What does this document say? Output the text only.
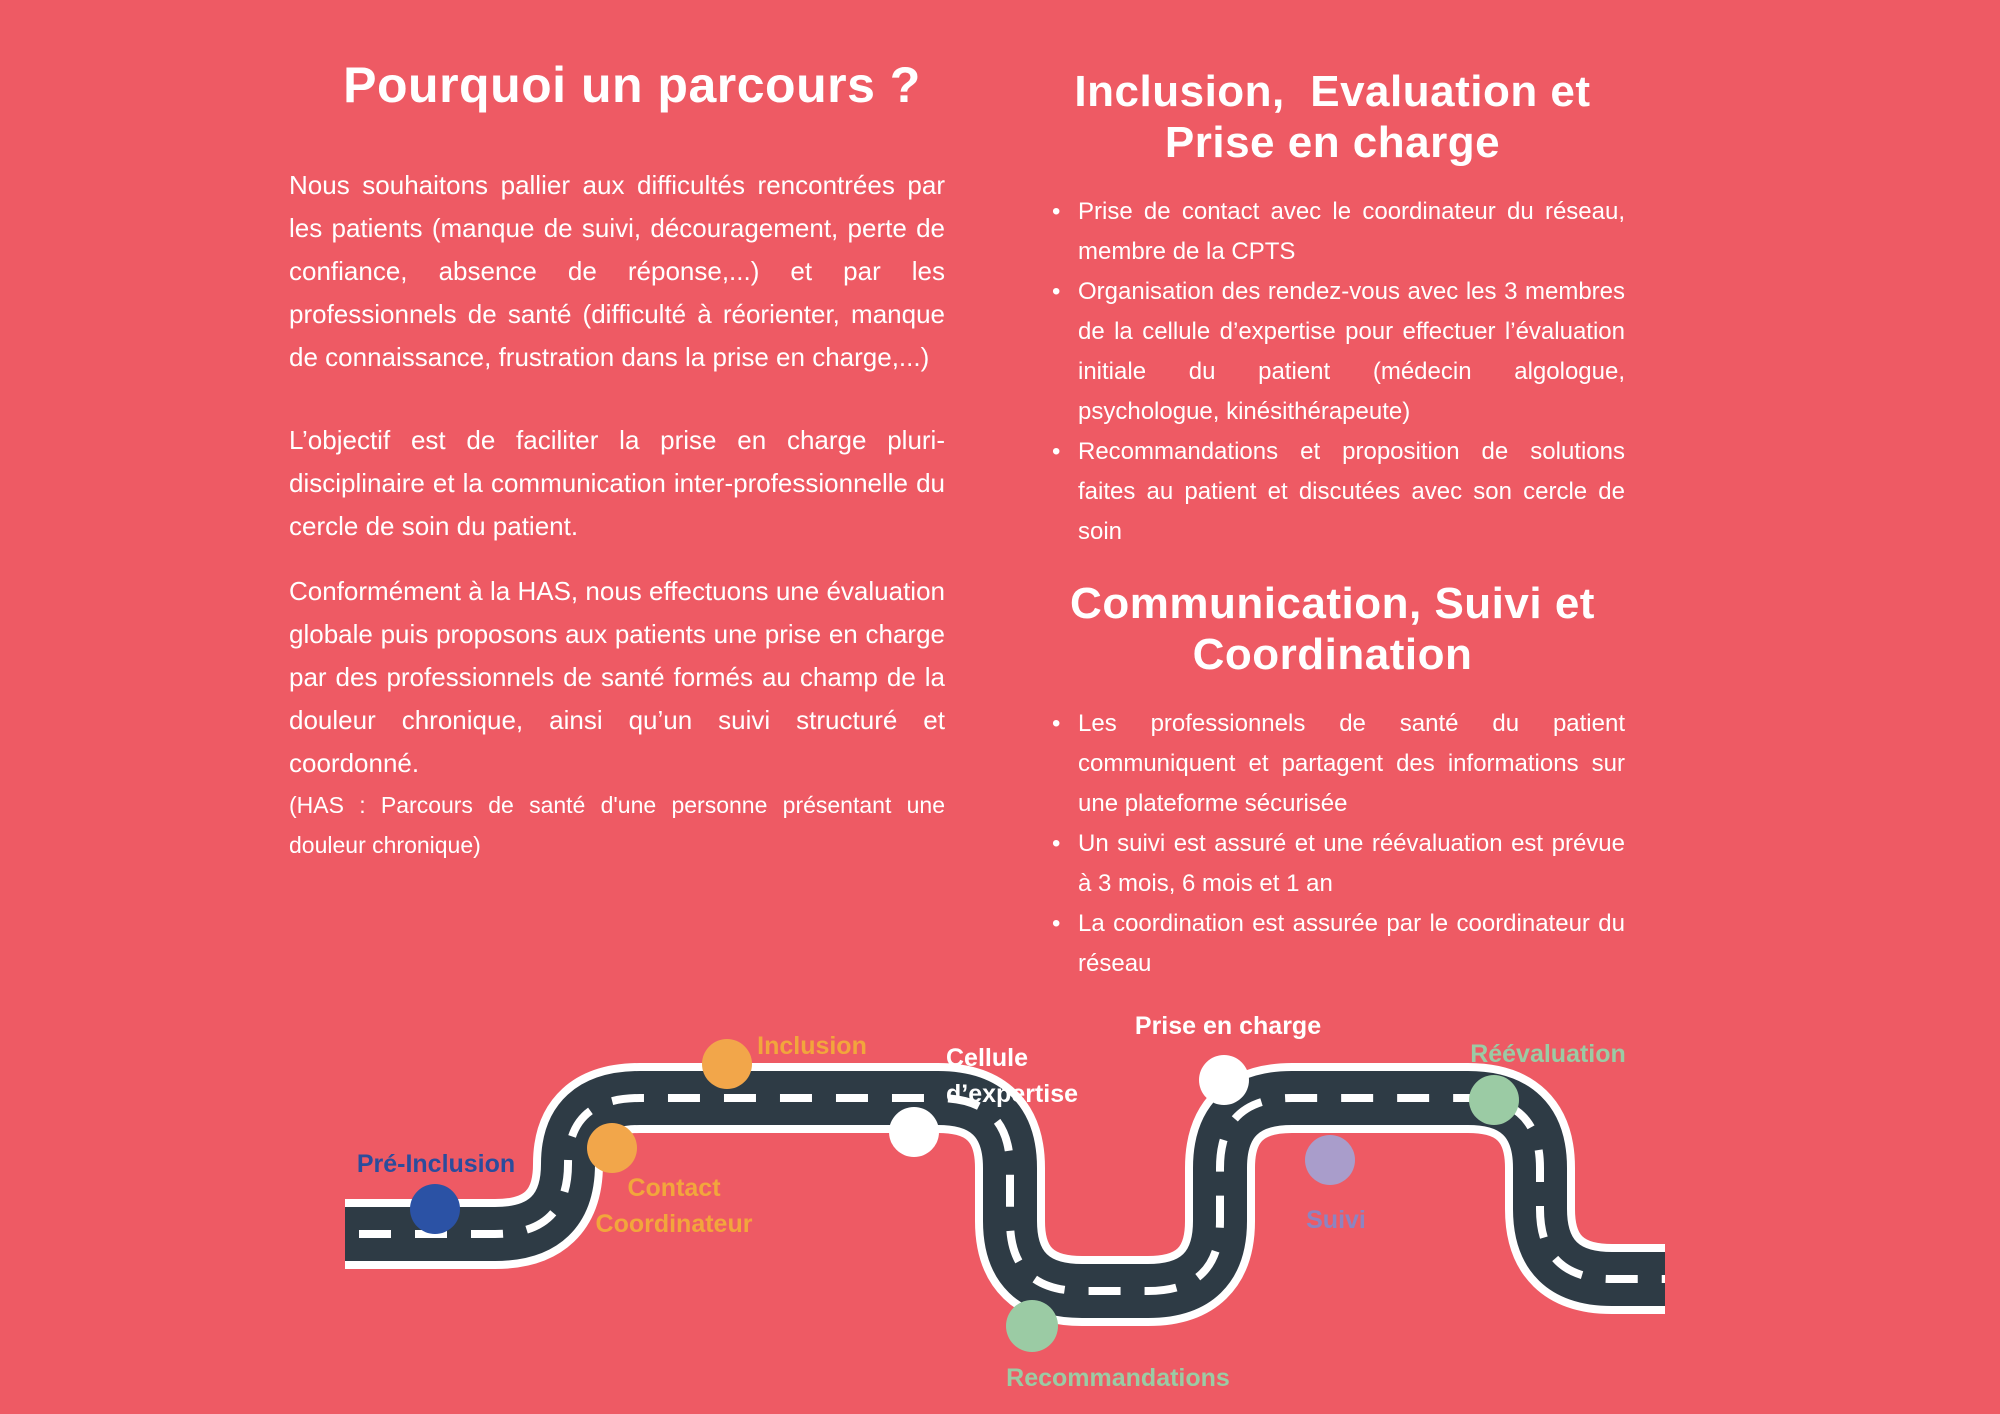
Pré-Inclusion
Contact
Coordinateur
Inclusion	Cellule
d’expertise
Prise en charge
Suivi
Recommandations
Réévaluation
Pourquoi un parcours ?

Nous souhaitons pallier aux difficultés rencontrées par les patients (manque de suivi, découragement, perte de confiance, absence de réponse,...) et par les professionnels de santé (difficulté à réorienter, manque de connaissance, frustration dans la prise en charge,...)

L’objectif est de faciliter la prise en charge pluri-disciplinaire et la communication inter-professionnelle du cercle de soin du patient.

Conformément à la HAS, nous effectuons une évaluation globale puis proposons aux patients une prise en charge par des professionnels de santé formés au champ de la douleur chronique, ainsi qu’un suivi structuré et coordonné.

(HAS : Parcours de santé d'une personne présentant une douleur chronique)

Inclusion,  Evaluation et
Prise en charge
• Prise de contact avec le coordinateur du réseau, membre de la CPTS

• Organisation des rendez-vous avec les 3 membres de la cellule d’expertise pour effectuer l’évaluation initiale du patient (médecin algologue, psychologue, kinésithérapeute)

• Recommandations et proposition de solutions faites au patient et discutées avec son cercle de soin

Communication, Suivi et
Coordination
• Les professionnels de santé du patient communiquent et partagent des informations sur une plateforme sécurisée

• Un suivi est assuré et une réévaluation est prévue à 3 mois, 6 mois et 1 an

• La coordination est assurée par le coordinateur du réseau
